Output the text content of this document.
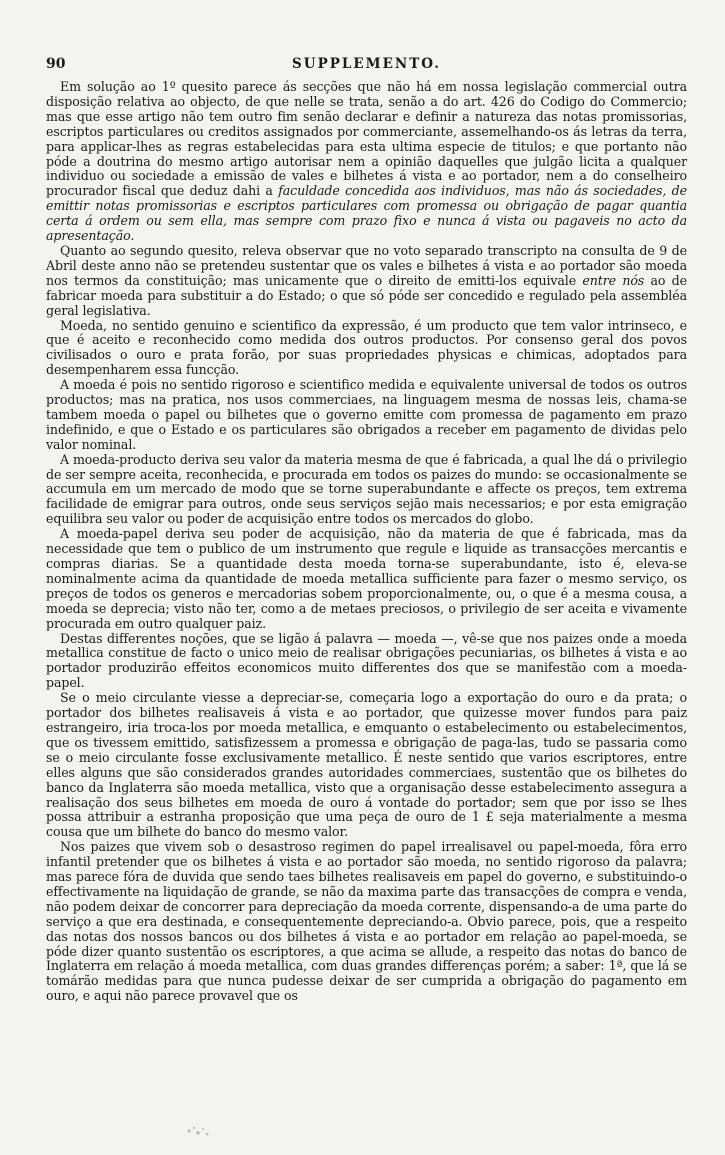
90	SUPPLEMENTO.

Em solução ao 1º quesito parece ás secções que não há em nossa legislação commercial outra disposição relativa ao objecto, de que nelle se trata, senão a do art. 426 do Codigo do Commercio; mas que esse artigo não tem outro fim senão declarar e definir a natureza das notas promissorias, escriptos particulares ou creditos assignados por commerciante, assemelhando-os ás letras da terra, para applicar-lhes as regras estabelecidas para esta ultima especie de titulos; e que portanto não póde a doutrina do mesmo artigo autorisar nem a opinião daquelles que julgão licita a qualquer individuo ou sociedade a emissão de vales e bilhetes á vista e ao portador, nem a do conselheiro procurador fiscal que deduz dahi a faculdade concedida aos individuos, mas não ás sociedades, de emittir notas promissorias e escriptos particulares com promessa ou obrigação de pagar quantia certa á ordem ou sem ella, mas sempre com prazo fixo e nunca á vista ou pagaveis no acto da apresentação.

Quanto ao segundo quesito, releva observar que no voto separado transcripto na consulta de 9 de Abril deste anno não se pretendeu sustentar que os vales e bilhetes á vista e ao portador são moeda nos termos da constituição; mas unicamente que o direito de emitti-los equivale entre nós ao de fabricar moeda para substituir a do Estado; o que só póde ser concedido e regulado pela assembléa geral legislativa.

Moeda, no sentido genuino e scientifico da expressão, é um producto que tem valor intrinseco, e que é aceito e reconhecido como medida dos outros productos. Por consenso geral dos povos civilisados o ouro e prata forão, por suas propriedades physicas e chimicas, adoptados para desempenharem essa funcção.

A moeda é pois no sentido rigoroso e scientifico medida e equivalente universal de todos os outros productos; mas na pratica, nos usos commerciaes, na linguagem mesma de nossas leis, chama-se tambem moeda o papel ou bilhetes que o governo emitte com promessa de pagamento em prazo indefinido, e que o Estado e os particulares são obrigados a receber em pagamento de dividas pelo valor nominal.

A moeda-producto deriva seu valor da materia mesma de que é fabricada, a qual lhe dá o privilegio de ser sempre aceita, reconhecida, e procurada em todos os paizes do mundo: se occasionalmente se accumula em um mercado de modo que se torne superabundante e affecte os preços, tem extrema facilidade de emigrar para outros, onde seus serviços sejão mais necessarios; e por esta emigração equilibra seu valor ou poder de acquisição entre todos os mercados do globo.

A moeda-papel deriva seu poder de acquisição, não da materia de que é fabricada, mas da necessidade que tem o publico de um instrumento que regule e liquide as transacções mercantis e compras diarias. Se a quantidade desta moeda torna-se superabundante, isto é, eleva-se nominalmente acima da quantidade de moeda metallica sufficiente para fazer o mesmo serviço, os preços de todos os generos e mercadorias sobem proporcionalmente, ou, o que é a mesma cousa, a moeda se deprecia; visto não ter, como a de metaes preciosos, o privilegio de ser aceita e vivamente procurada em outro qualquer paiz.

Destas differentes noções, que se ligão á palavra — moeda —, vê-se que nos paizes onde a moeda metallica constitue de facto o unico meio de realisar obrigações pecuniarias, os bilhetes á vista e ao portador produzirão effeitos economicos muito differentes dos que se manifestão com a moeda-papel.

Se o meio circulante viesse a depreciar-se, começaria logo a exportação do ouro e da prata; o portador dos bilhetes realisaveis á vista e ao portador, que quizesse mover fundos para paiz estrangeiro, iria troca-los por moeda metallica, e emquanto o estabelecimento ou estabelecimentos, que os tivessem emittido, satisfizessem a promessa e obrigação de paga-las, tudo se passaria como se o meio circulante fosse exclusivamente metallico. É neste sentido que varios escriptores, entre elles alguns que são considerados grandes autoridades commerciaes, sustentão que os bilhetes do banco da Inglaterra são moeda metallica, visto que a organisação desse estabelecimento assegura a realisação dos seus bilhetes em moeda de ouro á vontade do portador; sem que por isso se lhes possa attribuir a estranha proposição que uma peça de ouro de 1 £ seja materialmente a mesma cousa que um bilhete do banco do mesmo valor.

Nos paizes que vivem sob o desastroso regimen do papel irrealisavel ou papel-moeda, fôra erro infantil pretender que os bilhetes á vista e ao portador são moeda, no sentido rigoroso da palavra; mas parece fóra de duvida que sendo taes bilhetes realisaveis em papel do governo, e substituindo-o effectivamente na liquidação de grande, se não da maxima parte das transacções de compra e venda, não podem deixar de concorrer para depreciação da moeda corrente, dispensando-a de uma parte do serviço a que era destinada, e consequentemente depreciando-a. Obvio parece, pois, que a respeito das notas dos nossos bancos ou dos bilhetes á vista e ao portador em relação ao papel-moeda, se póde dizer quanto sustentão os escriptores, a que acima se allude, a respeito das notas do banco de Inglaterra em relação á moeda metallica, com duas grandes differenças porém; a saber: 1ª, que lá se tomárão medidas para que nunca pudesse deixar de ser cumprida a obrigação do pagamento em ouro, e aqui não parece provavel que os
